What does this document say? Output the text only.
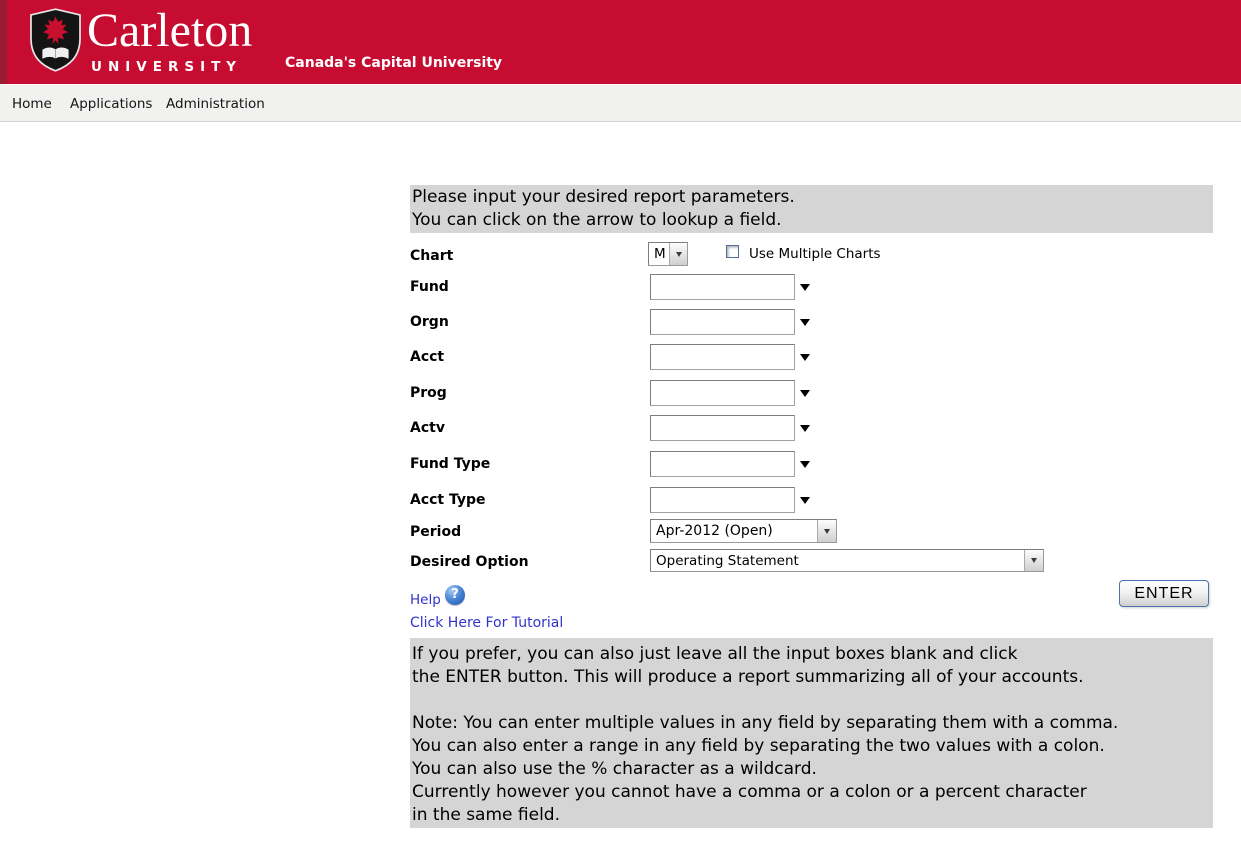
Carleton
UNIVERSITY	Canada's Capital University
Home Applications Administration
Please input your desired report parameters.
You can click on the arrow to lookup a field.
Chart	M	Use Multiple Charts
Fund
Orgn
Acct
Prog
Actv
Fund Type
Acct Type
Period	Apr-2012 (Open)
Desired Option	Operating Statement
Help ?
Click Here For Tutorial
ENTER
If you prefer, you can also just leave all the input boxes blank and click
the ENTER button. This will produce a report summarizing all of your accounts.
Note: You can enter multiple values in any field by separating them with a comma.
You can also enter a range in any field by separating the two values with a colon.
You can also use the % character as a wildcard.
Currently however you cannot have a comma or a colon or a percent character
in the same field.
